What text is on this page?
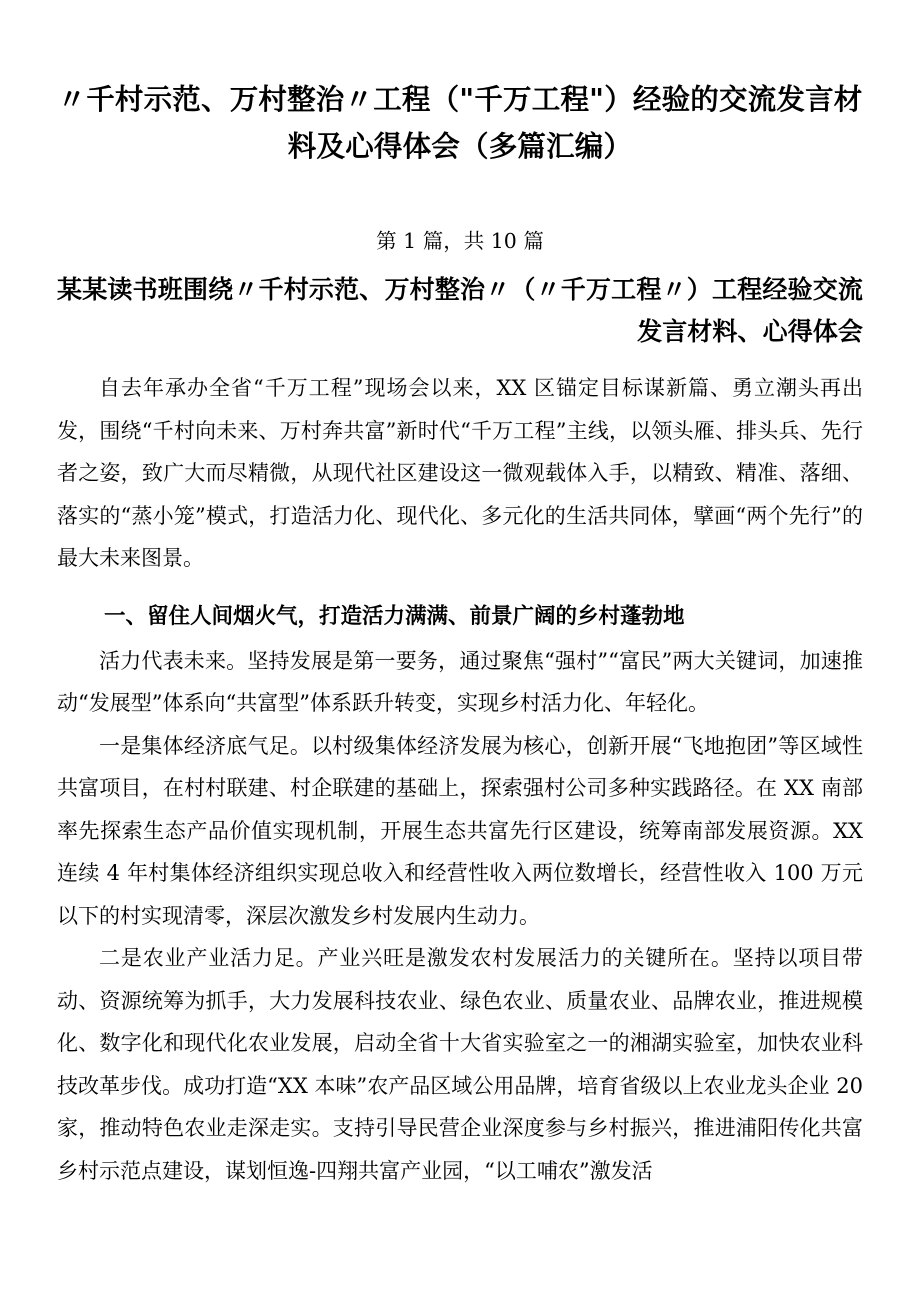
〃千村示范、万村整治〃工程（"千万工程"）经验的交流发言材料及心得体会（多篇汇编）
第 1 篇，共 10 篇
某某读书班围绕〃千村示范、万村整治〃（〃千万工程〃）工程经验交流发言材料、心得体会

自去年承办全省“千万工程”现场会以来，XX 区锚定目标谋新篇、勇立潮头再出发，围绕“千村向未来、万村奔共富”新时代“千万工程”主线，以领头雁、排头兵、先行者之姿，致广大而尽精微，从现代社区建设这一微观载体入手，以精致、精准、落细、落实的“蒸小笼”模式，打造活力化、现代化、多元化的生活共同体，擘画“两个先行”的最大未来图景。

一、留住人间烟火气，打造活力满满、前景广阔的乡村蓬勃地

活力代表未来。坚持发展是第一要务，通过聚焦“强村”“富民”两大关键词，加速推动“发展型”体系向“共富型”体系跃升转变，实现乡村活力化、年轻化。

一是集体经济底气足。以村级集体经济发展为核心，创新开展“飞地抱团”等区域性共富项目，在村村联建、村企联建的基础上，探索强村公司多种实践路径。在 XX 南部率先探索生态产品价值实现机制，开展生态共富先行区建设，统筹南部发展资源。XX 连续 4 年村集体经济组织实现总收入和经营性收入两位数增长，经营性收入 100 万元以下的村实现清零，深层次激发乡村发展内生动力。

二是农业产业活力足。产业兴旺是激发农村发展活力的关键所在。坚持以项目带动、资源统筹为抓手，大力发展科技农业、绿色农业、质量农业、品牌农业，推进规模化、数字化和现代化农业发展，启动全省十大省实验室之一的湘湖实验室，加快农业科技改革步伐。成功打造“XX 本味”农产品区域公用品牌，培育省级以上农业龙头企业 20 家，推动特色农业走深走实。支持引导民营企业深度参与乡村振兴，推进浦阳传化共富乡村示范点建设，谋划恒逸-四翔共富产业园，“以工哺农”激发活
